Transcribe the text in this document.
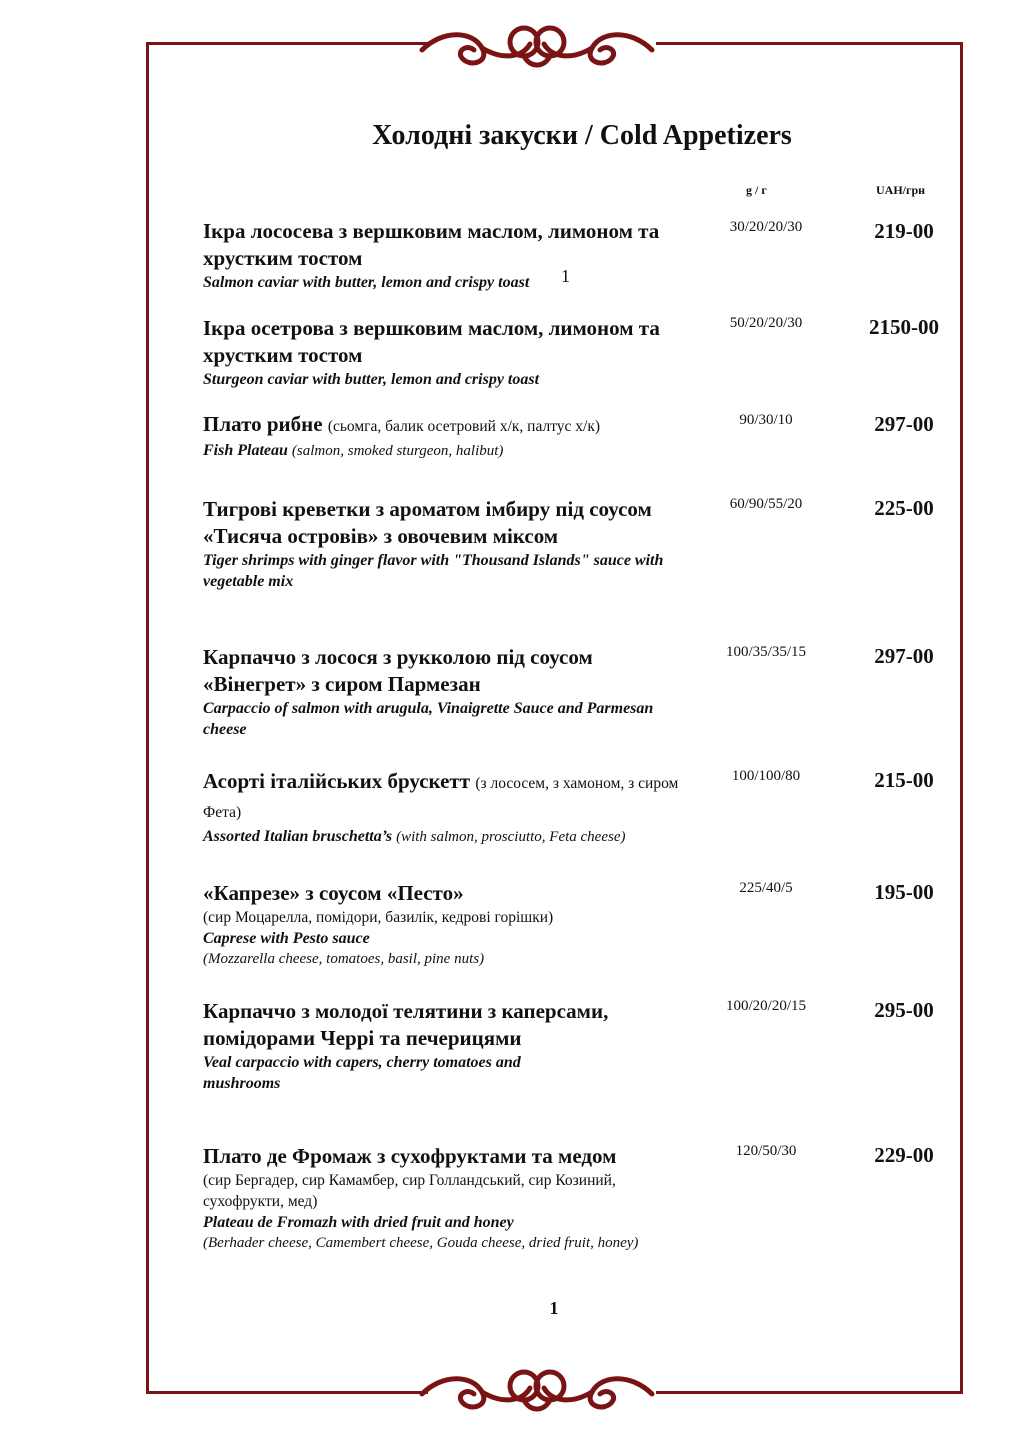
Холодні закуски / Cold Appetizers
g / г	UAH/грн
Ікра лососева з вершковим маслом, лимоном та хрустким тостом
Salmon caviar with butter, lemon and crispy toast
30/20/20/30	219-00
1
Ікра осетрова з вершковим маслом, лимоном та хрустким тостом
Sturgeon caviar with butter, lemon and crispy toast
50/20/20/30	2150-00
Плато рибне (сьомга, балик осетровий х/к, палтус х/к)
Fish Plateau (salmon, smoked sturgeon, halibut)
90/30/10	297-00
Тигрові креветки з ароматом імбиру під соусом «Тисяча островів» з овочевим міксом
Tiger shrimps with ginger flavor with "Thousand Islands" sauce with vegetable mix
60/90/55/20	225-00
Карпаччо з лосося з рукколою під соусом «Вінегрет» з сиром Пармезан
Carpaccio of salmon with arugula, Vinaigrette Sauce and Parmesan cheese
100/35/35/15	297-00
Асорті італійських брускетт (з лососем, з хамоном, з сиром Фета)
Assorted Italian bruschetta’s (with salmon, prosciutto, Feta cheese)
100/100/80	215-00
«Капрезе» з соусом «Песто»
(сир Моцарелла, помідори, базилік, кедрові горішки)
Caprese with Pesto sauce
(Mozzarella cheese, tomatoes, basil, pine nuts)
225/40/5	195-00
Карпаччо з молодої телятини з каперсами, помідорами Черрі та печерицями
Veal carpaccio with capers, cherry tomatoes and mushrooms
100/20/20/15	295-00
Плато де Фромаж з сухофруктами та медом
(сир Бергадер, сир Камамбер, сир Голландський, сир Козиний, сухофрукти, мед)
Plateau de Fromazh with dried fruit and honey
(Berhader cheese, Camembert cheese, Gouda cheese, dried fruit, honey)
120/50/30	229-00
1
